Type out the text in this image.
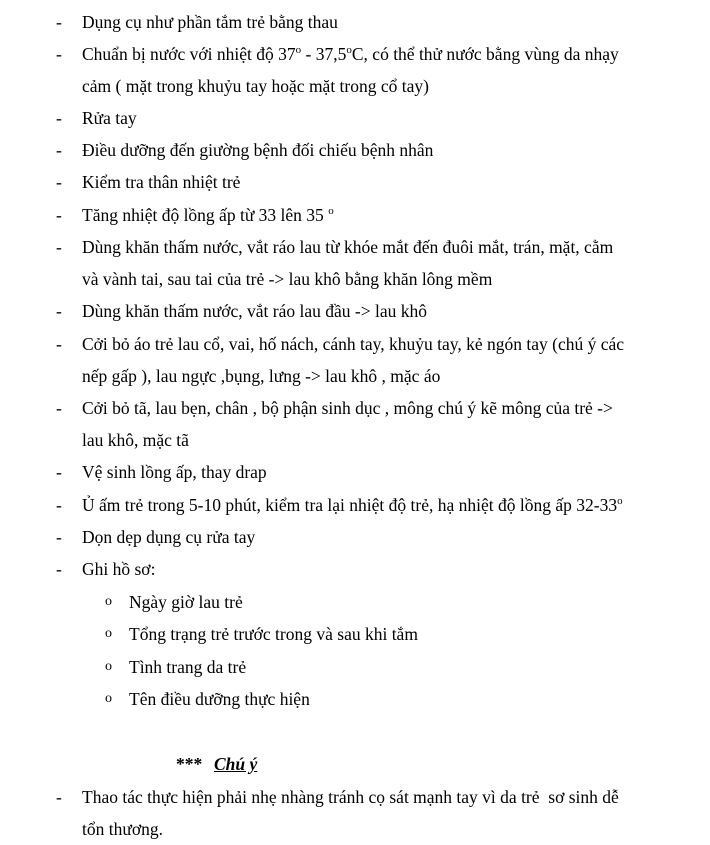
- Dụng cụ như phần tắm trẻ bằng thau
- Chuẩn bị nước với nhiệt độ 37$^o$ - 37,5$^o$C, có thể thử nước bằng vùng da nhạy
cảm ( mặt trong khuỷu tay hoặc mặt trong cổ tay)
- Rửa tay
- Điều dưỡng đến giường bệnh đối chiếu bệnh nhân
- Kiểm tra thân nhiệt trẻ
- Tăng nhiệt độ lồng ấp từ 33 lên 35 $^o$
- Dùng khăn thấm nước, vắt ráo lau từ khóe mắt đến đuôi mắt, trán, mặt, cằm
và vành tai, sau tai của trẻ -> lau khô bằng khăn lông mềm
- Dùng khăn thấm nước, vắt ráo lau đầu -> lau khô
- Cởi bỏ áo trẻ lau cổ, vai, hố nách, cánh tay, khuỷu tay, kẻ ngón tay (chú ý các
nếp gấp ), lau ngực ,bụng, lưng -> lau khô , mặc áo
- Cởi bỏ tã, lau bẹn, chân , bộ phận sinh dục , mông chú ý kẽ mông của trẻ ->
lau khô, mặc tã
- Vệ sinh lồng ấp, thay drap
- Ủ ấm trẻ trong 5-10 phút, kiểm tra lại nhiệt độ trẻ, hạ nhiệt độ lồng ấp 32-33$^o$
- Dọn dẹp dụng cụ rửa tay
- Ghi hồ sơ:
o Ngày giờ lau trẻ
o Tổng trạng trẻ trước trong và sau khi tắm
o Tình trang da trẻ
o Tên điều dưỡng thực hiện
*** Chú ý
- Thao tác thực hiện phải nhẹ nhàng tránh cọ sát mạnh tay vì da trẻ  sơ sinh dễ
tổn thương.
